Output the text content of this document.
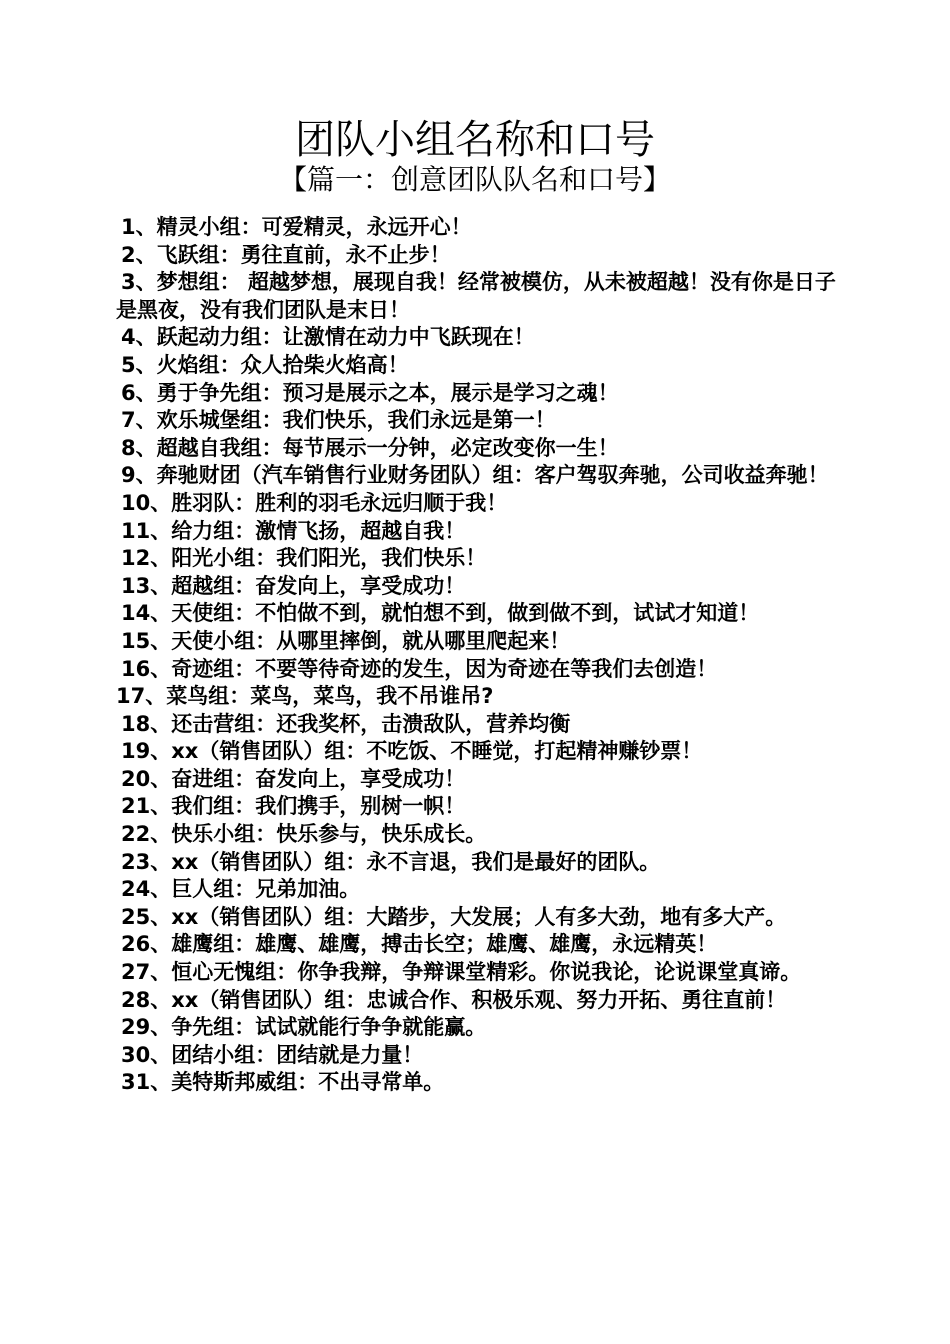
团队小组名称和口号
【篇一：创意团队队名和口号】
1、精灵小组：可爱精灵，永远开心！
2、飞跃组：勇往直前，永不止步！
3、梦想组： 超越梦想，展现自我！经常被模仿，从未被超越！没有你是日子是黑夜，没有我们团队是末日！
4、跃起动力组：让激情在动力中飞跃现在！
5、火焰组：众人拾柴火焰高！
6、勇于争先组：预习是展示之本，展示是学习之魂！
7、欢乐城堡组：我们快乐，我们永远是第一！
8、超越自我组：每节展示一分钟，必定改变你一生！
9、奔驰财团（汽车销售行业财务团队）组：客户驾驭奔驰，公司收益奔驰！
10、胜羽队：胜利的羽毛永远归顺于我！
11、给力组：激情飞扬，超越自我！
12、阳光小组：我们阳光，我们快乐！
13、超越组：奋发向上，享受成功！
14、天使组：不怕做不到，就怕想不到，做到做不到，试试才知道！
15、天使小组：从哪里摔倒，就从哪里爬起来！
16、奇迹组：不要等待奇迹的发生，因为奇迹在等我们去创造！
17、菜鸟组：菜鸟，菜鸟，我不吊谁吊?
18、还击营组：还我奖杯，击溃敌队，营养均衡
19、xx（销售团队）组：不吃饭、不睡觉，打起精神赚钞票！
20、奋进组：奋发向上，享受成功！
21、我们组：我们携手，别树一帜！
22、快乐小组：快乐参与，快乐成长。
23、xx（销售团队）组：永不言退，我们是最好的团队。
24、巨人组：兄弟加油。
25、xx（销售团队）组：大踏步，大发展；人有多大劲，地有多大产。
26、雄鹰组：雄鹰、雄鹰，搏击长空；雄鹰、雄鹰，永远精英！
27、恒心无愧组：你争我辩，争辩课堂精彩。你说我论，论说课堂真谛。
28、xx（销售团队）组：忠诚合作、积极乐观、努力开拓、勇往直前！
29、争先组：试试就能行争争就能赢。
30、团结小组：团结就是力量！
31、美特斯邦威组：不出寻常单。
